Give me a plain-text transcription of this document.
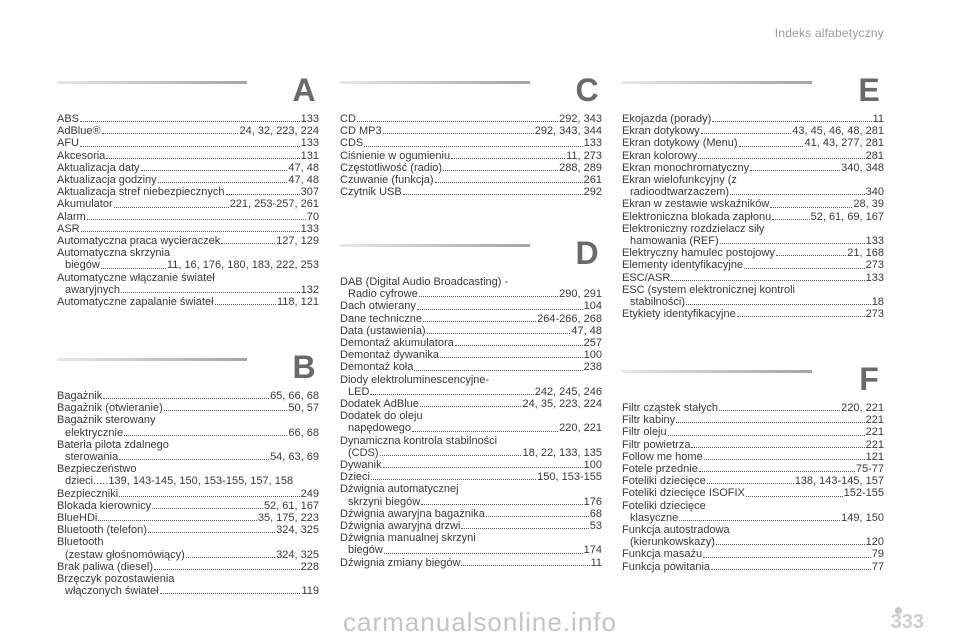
Indeks alfabetyczny
A
ABS	133
AdBlue®	24, 32, 223, 224
AFU	133
Akcesoria	131
Aktualizacja daty	47, 48
Aktualizacja godziny	47, 48
Aktualizacja stref niebezpiecznych	307
Akumulator	221, 253-257, 261
Alarm	70
ASR	133
Automatyczna praca wycieraczek	127, 129
Automatyczna skrzynia
biegów	11, 16, 176, 180, 183, 222, 253
Automatyczne włączanie świateł
awaryjnych	132
Automatyczne zapalanie świateł	118, 121
B
Bagażnik	65, 66, 68
Bagażnik (otwieranie)	50, 57
Bagażnik sterowany
elektrycznie	66, 68
Bateria pilota zdalnego
sterowania	54, 63, 69
Bezpieczeństwo
dzieci.....139, 143-145, 150, 153-155, 157, 158
Bezpieczniki	249
Blokada kierownicy	52, 61, 167
BlueHDi	35, 175, 223
Bluetooth (telefon)	324, 325
Bluetooth
(zestaw głośnomówiący)	324, 325
Brak paliwa (diesel)	228
Brzęczyk pozostawienia
włączonych świateł	119
C
CD	292, 343
CD MP3	292, 343, 344
CDS	133
Ciśnienie w ogumieniu	11, 273
Częstotliwość (radio)	288, 289
Czuwanie (funkcja)	261
Czytnik USB	292
D
DAB (Digital Audio Broadcasting) -
Radio cyfrowe	290, 291
Dach otwierany	104
Dane techniczne	264-266, 268
Data (ustawienia)	47, 48
Demontaż akumulatora	257
Demontaż dywanika	100
Demontaż koła	238
Diody elektroluminescencyjne-
LED	242, 245, 246
Dodatek AdBlue	24, 35, 223, 224
Dodatek do oleju
napędowego	220, 221
Dynamiczna kontrola stabilności
(CDS)	18, 22, 133, 135
Dywanik	100
Dzieci	150, 153-155
Dźwignia automatycznej
skrzyni biegów	176
Dźwignia awaryjna bagażnika	68
Dźwignia awaryjna drzwi	53
Dźwignia manualnej skrzyni
biegów	174
Dźwignia zmiany biegów	11
E
Ekojazda (porady)	11
Ekran dotykowy	43, 45, 46, 48, 281
Ekran dotykowy (Menu)	41, 43, 277, 281
Ekran kolorowy	281
Ekran monochromatyczny	340, 348
Ekran wielofunkcyjny (z
radioodtwarzaczem)	340
Ekran w zestawie wskaźników	28, 39
Elektroniczna blokada zapłonu	52, 61, 69, 167
Elektroniczny rozdzielacz siły
hamowania (REF)	133
Elektryczny hamulec postojowy	21, 168
Elementy identyfikacyjne	273
ESC/ASR	133
ESC (system elektronicznej kontroli
stabilności)	18
Etykiety identyfikacyjne	273
F
Filtr cząstek stałych	220, 221
Filtr kabiny	221
Filtr oleju	221
Filtr powietrza	221
Follow me home	121
Fotele przednie	75-77
Foteliki dziecięce	138, 143-145, 157
Foteliki dziecięce ISOFIX	152-155
Foteliki dziecięce
klasyczne	149, 150
Funkcja autostradowa
(kierunkowskazy)	120
Funkcja masażu	79
Funkcja powitania	77
333
carmanualsonline.info
